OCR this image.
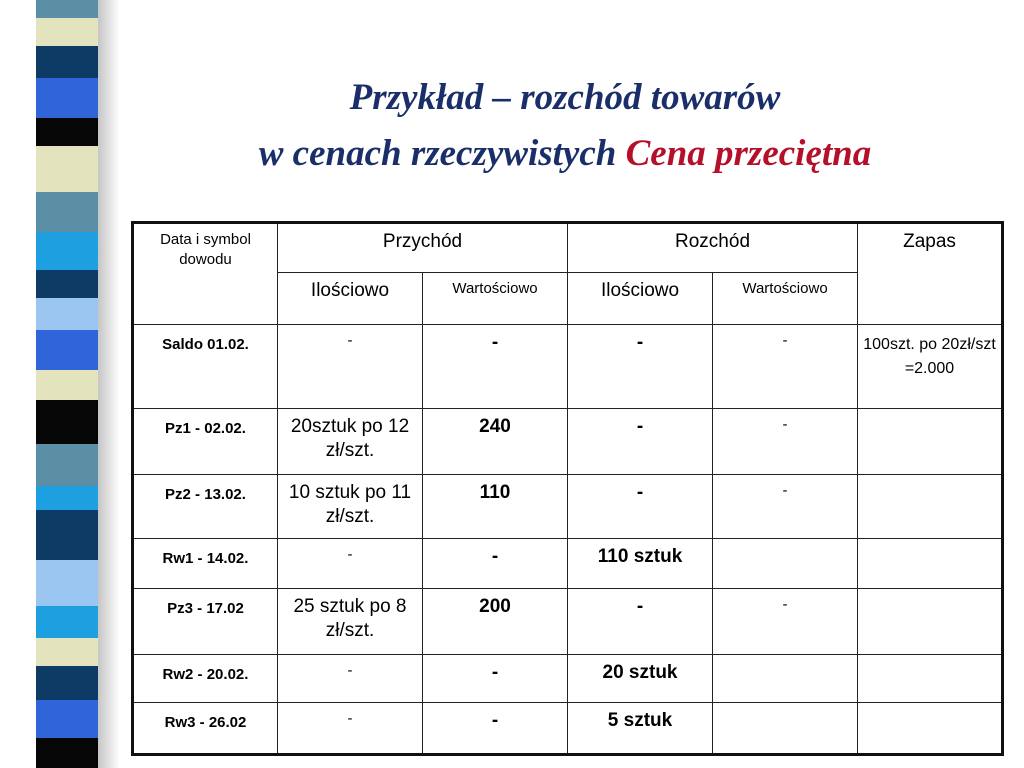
Przykład – rozchód towarów
w cenach rzeczywistych Cena przeciętna
Data i symbol dowodu	Przychód		Rozchód		Zapas
	Ilościowo	Wartościowo	Ilościowo	Wartościowo	
Saldo 01.02.	-	-	-	-	100szt. po 20zł/szt =2.000
Pz1 - 02.02.	20sztuk po 12 zł/szt.	240	-	-	
Pz2 - 13.02.	10 sztuk po 11 zł/szt.	110	-	-	
Rw1 - 14.02.	-	-	110 sztuk		
Pz3 - 17.02	25 sztuk po 8 zł/szt.	200	-	-	
Rw2 - 20.02.	-	-	20 sztuk		
Rw3 - 26.02	-	-	5 sztuk		
